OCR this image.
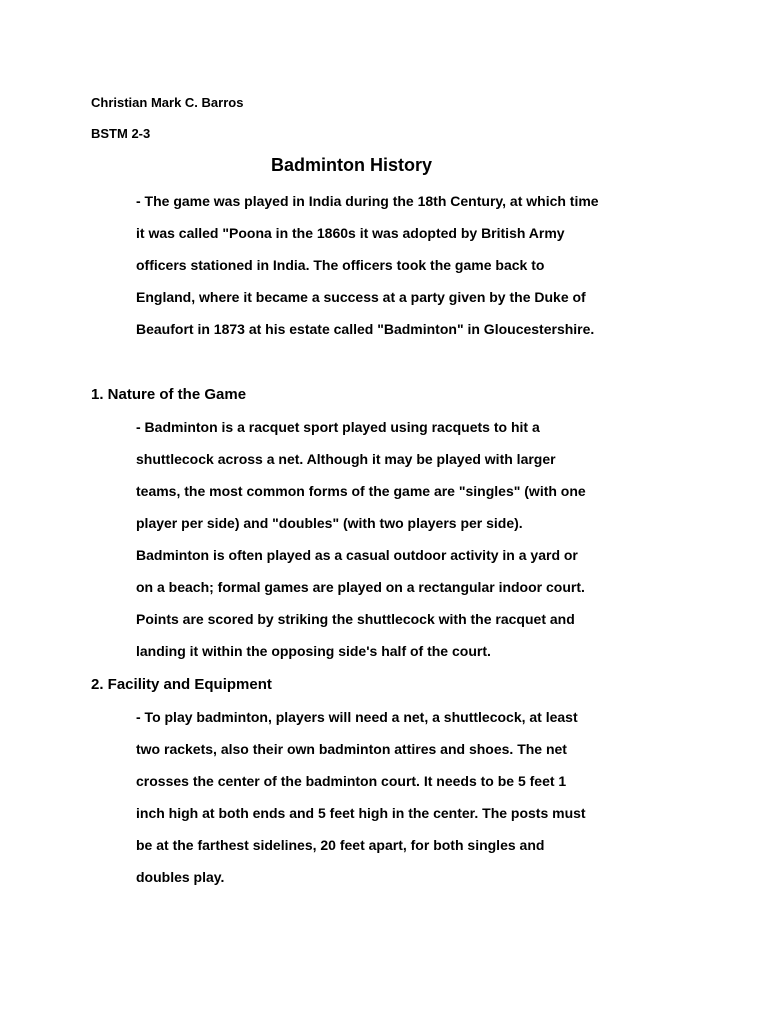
Christian Mark C. Barros
BSTM 2-3
Badminton History
- The game was played in India during the 18th Century, at which time
it was called "Poona in the 1860s it was adopted by British Army
officers stationed in India. The officers took the game back to
England, where it became a success at a party given by the Duke of
Beaufort in 1873 at his estate called "Badminton" in Gloucestershire.
1. Nature of the Game
- Badminton is a racquet sport played using racquets to hit a
shuttlecock across a net. Although it may be played with larger
teams, the most common forms of the game are "singles" (with one
player per side) and "doubles" (with two players per side).
Badminton is often played as a casual outdoor activity in a yard or
on a beach; formal games are played on a rectangular indoor court.
Points are scored by striking the shuttlecock with the racquet and
landing it within the opposing side's half of the court.
2. Facility and Equipment
- To play badminton, players will need a net, a shuttlecock, at least
two rackets, also their own badminton attires and shoes. The net
crosses the center of the badminton court. It needs to be 5 feet 1
inch high at both ends and 5 feet high in the center. The posts must
be at the farthest sidelines, 20 feet apart, for both singles and
doubles play.
